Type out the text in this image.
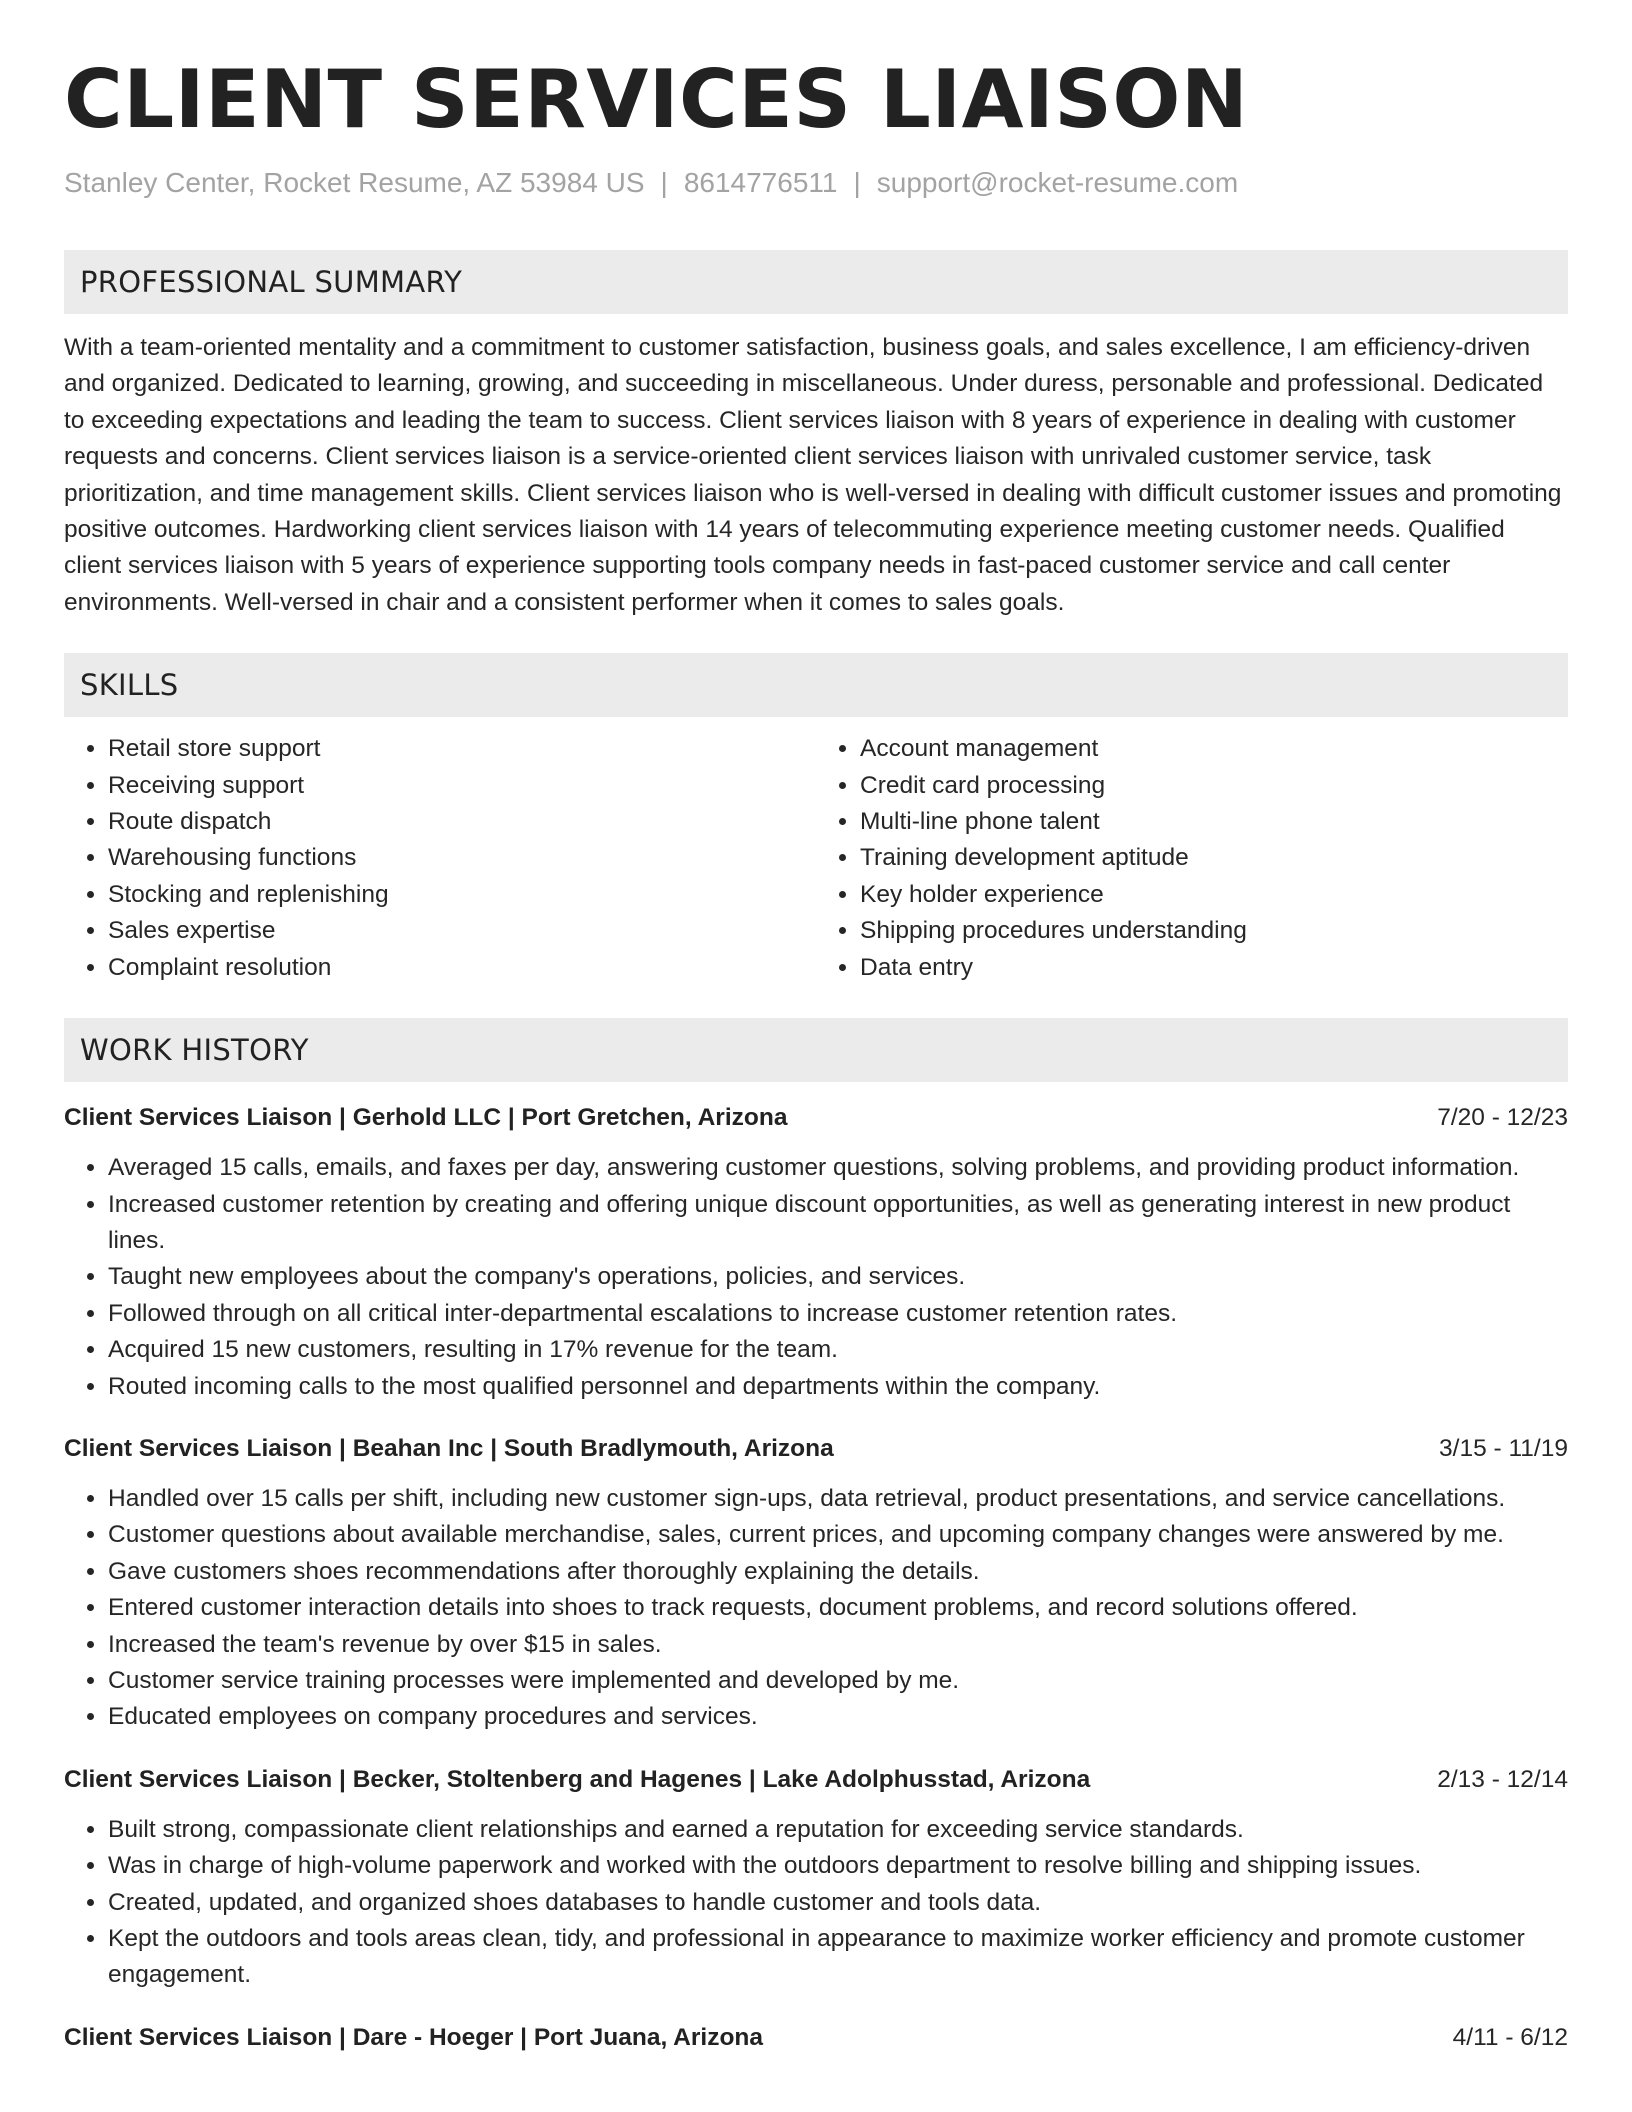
CLIENT SERVICES LIAISON
Stanley Center, Rocket Resume, AZ 53984 US | 8614776511 | support@rocket-resume.com
PROFESSIONAL SUMMARY

With a team-oriented mentality and a commitment to customer satisfaction, business goals, and sales excellence, I am efficiency-driven and organized. Dedicated to learning, growing, and succeeding in miscellaneous. Under duress, personable and professional. Dedicated to exceeding expectations and leading the team to success. Client services liaison with 8 years of experience in dealing with customer requests and concerns. Client services liaison is a service-oriented client services liaison with unrivaled customer service, task prioritization, and time management skills. Client services liaison who is well-versed in dealing with difficult customer issues and promoting positive outcomes. Hardworking client services liaison with 14 years of telecommuting experience meeting customer needs. Qualified client services liaison with 5 years of experience supporting tools company needs in fast-paced customer service and call center environments. Well-versed in chair and a consistent performer when it comes to sales goals.

SKILLS
• Retail store support
• Receiving support
• Route dispatch
• Warehousing functions
• Stocking and replenishing
• Sales expertise
• Complaint resolution
• Account management
• Credit card processing
• Multi-line phone talent
• Training development aptitude
• Key holder experience
• Shipping procedures understanding
• Data entry
WORK HISTORY
Client Services Liaison | Gerhold LLC | Port Gretchen, Arizona	7/20 - 12/23
• Averaged 15 calls, emails, and faxes per day, answering customer questions, solving problems, and providing product information.
• Increased customer retention by creating and offering unique discount opportunities, as well as generating interest in new product lines.
• Taught new employees about the company's operations, policies, and services.
• Followed through on all critical inter-departmental escalations to increase customer retention rates.
• Acquired 15 new customers, resulting in 17% revenue for the team.
• Routed incoming calls to the most qualified personnel and departments within the company.
Client Services Liaison | Beahan Inc | South Bradlymouth, Arizona	3/15 - 11/19
• Handled over 15 calls per shift, including new customer sign-ups, data retrieval, product presentations, and service cancellations.
• Customer questions about available merchandise, sales, current prices, and upcoming company changes were answered by me.
• Gave customers shoes recommendations after thoroughly explaining the details.
• Entered customer interaction details into shoes to track requests, document problems, and record solutions offered.
• Increased the team's revenue by over $15 in sales.
• Customer service training processes were implemented and developed by me.
• Educated employees on company procedures and services.
Client Services Liaison | Becker, Stoltenberg and Hagenes | Lake Adolphusstad, Arizona	2/13 - 12/14
• Built strong, compassionate client relationships and earned a reputation for exceeding service standards.
• Was in charge of high-volume paperwork and worked with the outdoors department to resolve billing and shipping issues.
• Created, updated, and organized shoes databases to handle customer and tools data.
• Kept the outdoors and tools areas clean, tidy, and professional in appearance to maximize worker efficiency and promote customer engagement.
Client Services Liaison | Dare - Hoeger | Port Juana, Arizona	4/11 - 6/12
